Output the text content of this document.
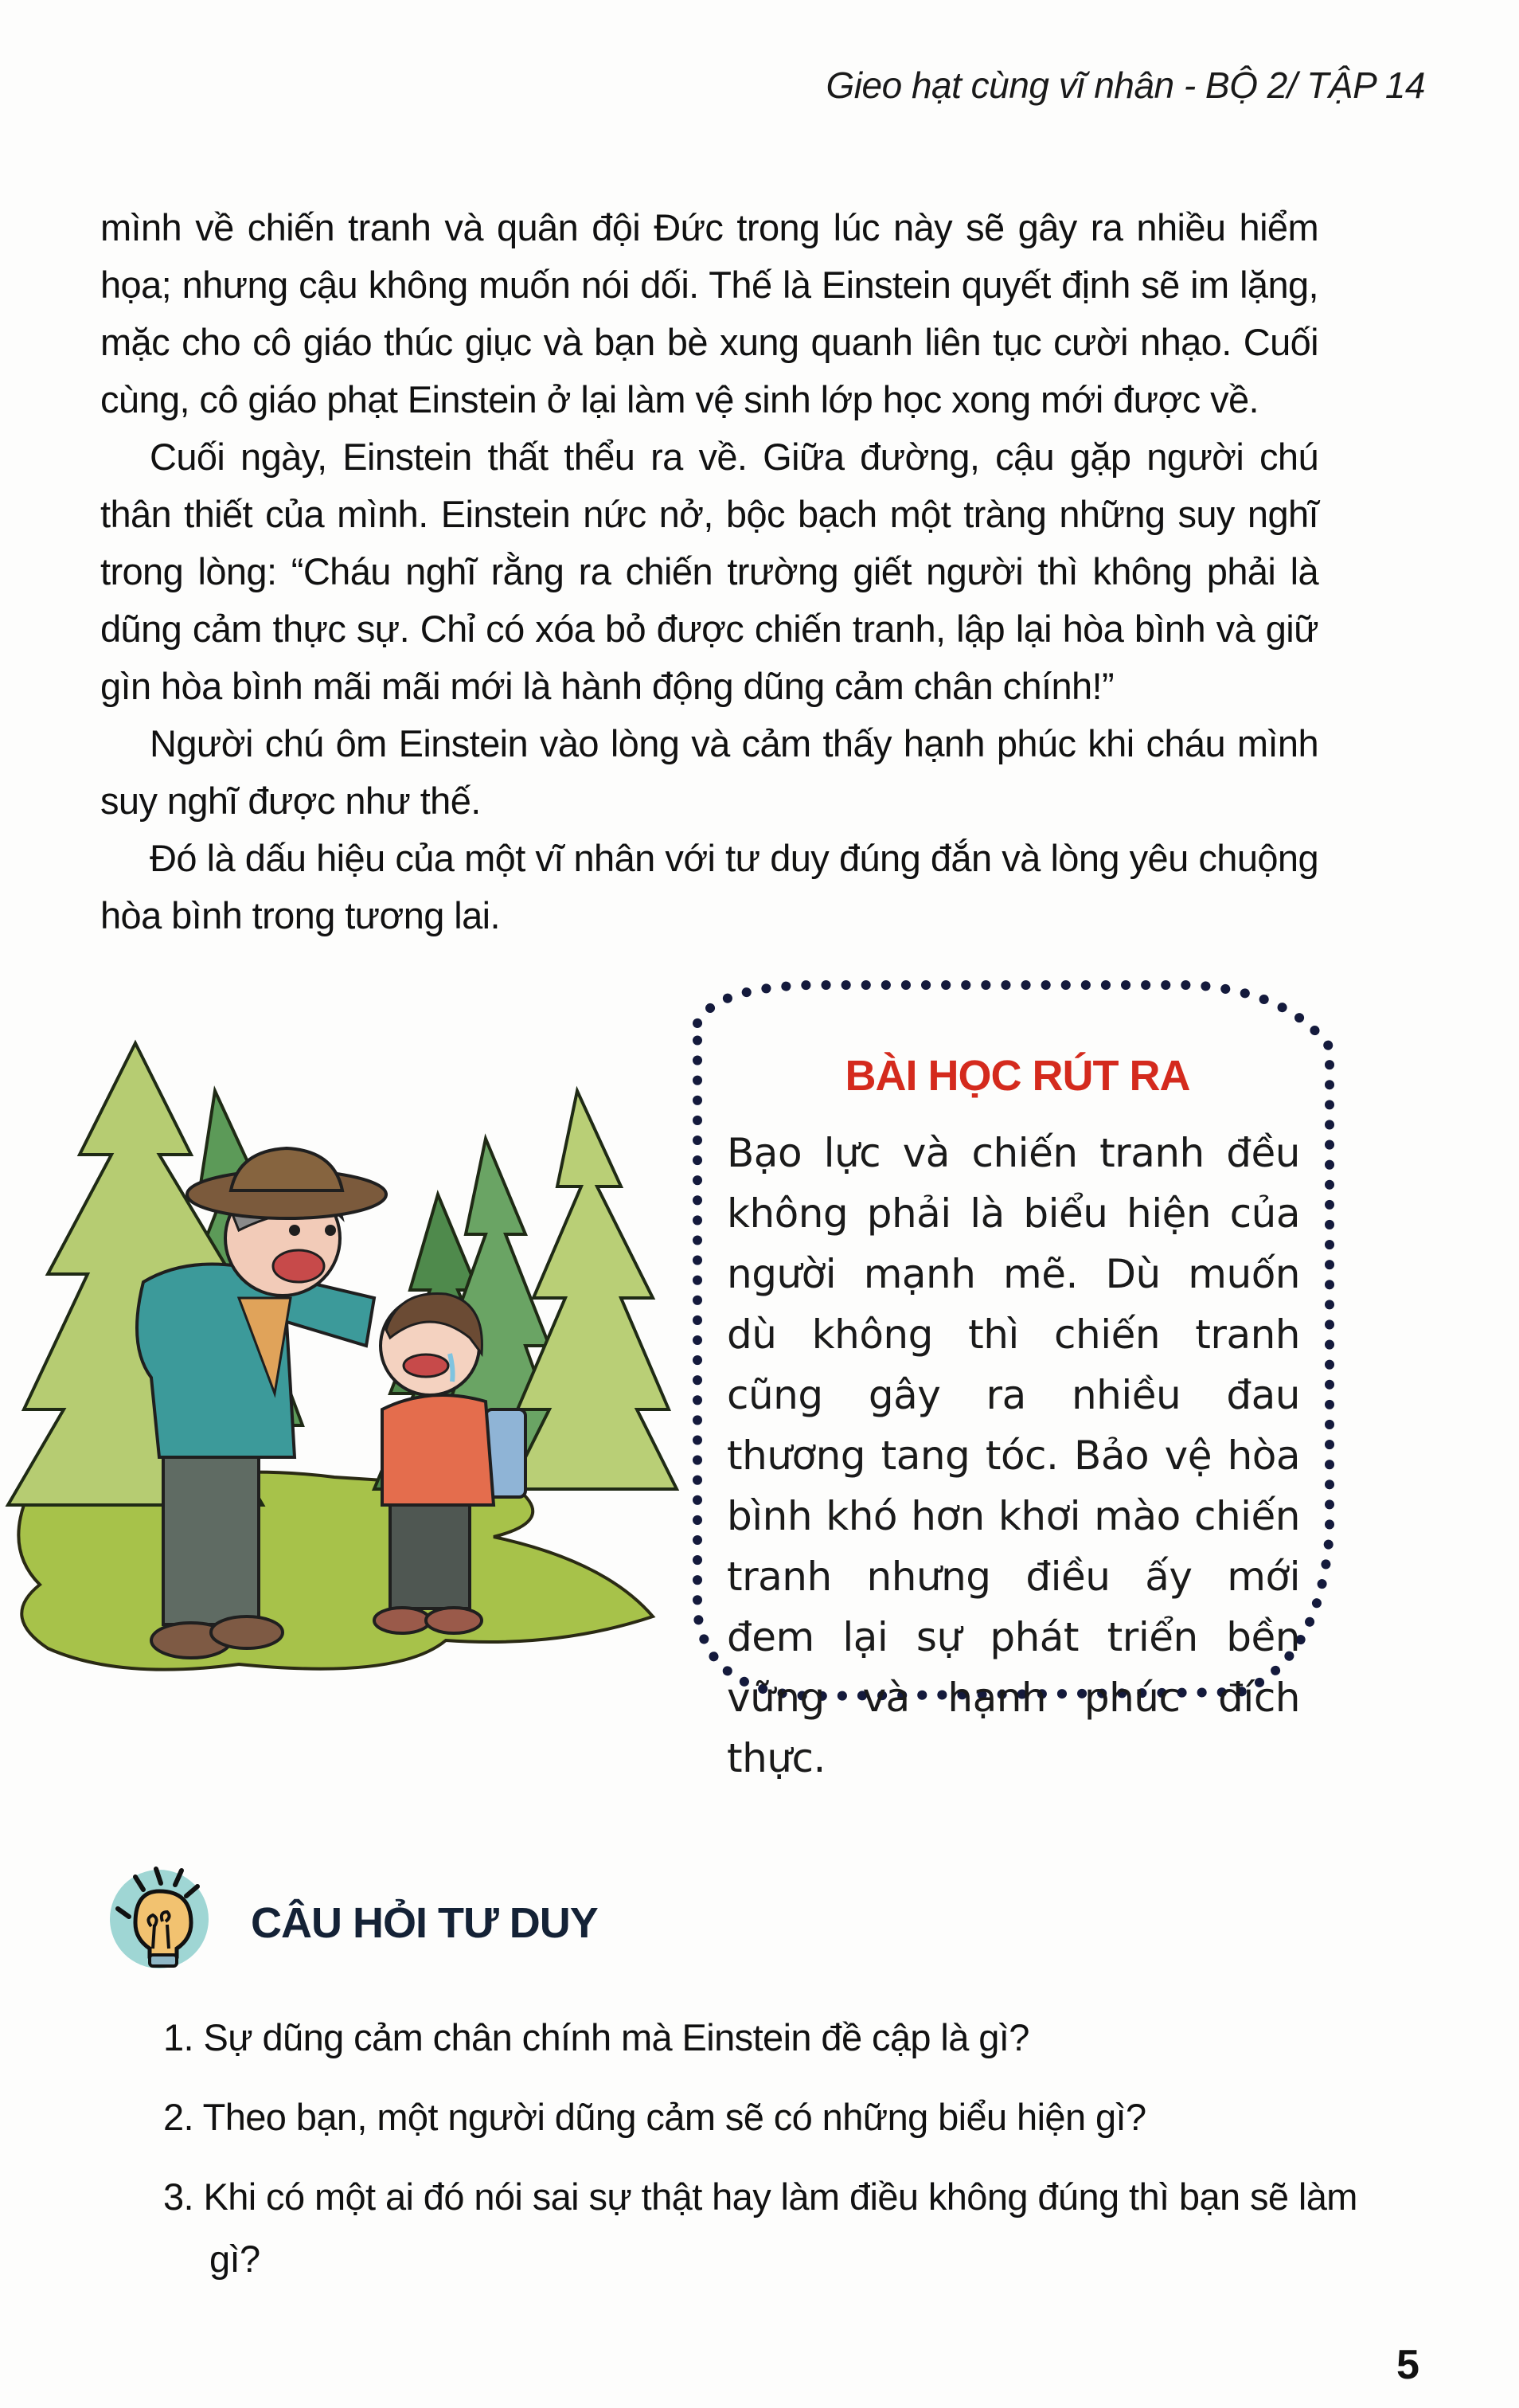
Gieo hạt cùng vĩ nhân - BỘ 2/ TẬP 14

mình về chiến tranh và quân đội Đức trong lúc này sẽ gây ra nhiều hiểm họa; nhưng cậu không muốn nói dối. Thế là Einstein quyết định sẽ im lặng, mặc cho cô giáo thúc giục và bạn bè xung quanh liên tục cười nhạo. Cuối cùng, cô giáo phạt Einstein ở lại làm vệ sinh lớp học xong mới được về.

Cuối ngày, Einstein thất thểu ra về. Giữa đường, cậu gặp người chú thân thiết của mình. Einstein nức nở, bộc bạch một tràng những suy nghĩ trong lòng: “Cháu nghĩ rằng ra chiến trường giết người thì không phải là dũng cảm thực sự. Chỉ có xóa bỏ được chiến tranh, lập lại hòa bình và giữ gìn hòa bình mãi mãi mới là hành động dũng cảm chân chính!”

Người chú ôm Einstein vào lòng và cảm thấy hạnh phúc khi cháu mình suy nghĩ được như thế.

Đó là dấu hiệu của một vĩ nhân với tư duy đúng đắn và lòng yêu chuộng hòa bình trong tương lai.

BÀI HỌC RÚT RA
Bạo lực và chiến tranh đều không phải là biểu hiện của người mạnh mẽ. Dù muốn dù không thì chiến tranh cũng gây ra nhiều đau thương tang tóc. Bảo vệ hòa bình khó hơn khơi mào chiến tranh nhưng điều ấy mới đem lại sự phát triển bền
vững và hạnh phúc đích thực.
CÂU HỎI TƯ DUY
1. Sự dũng cảm chân chính mà Einstein đề cập là gì?
2. Theo bạn, một người dũng cảm sẽ có những biểu hiện gì?
3. Khi có một ai đó nói sai sự thật hay làm điều không đúng thì bạn sẽ làm gì?
5
